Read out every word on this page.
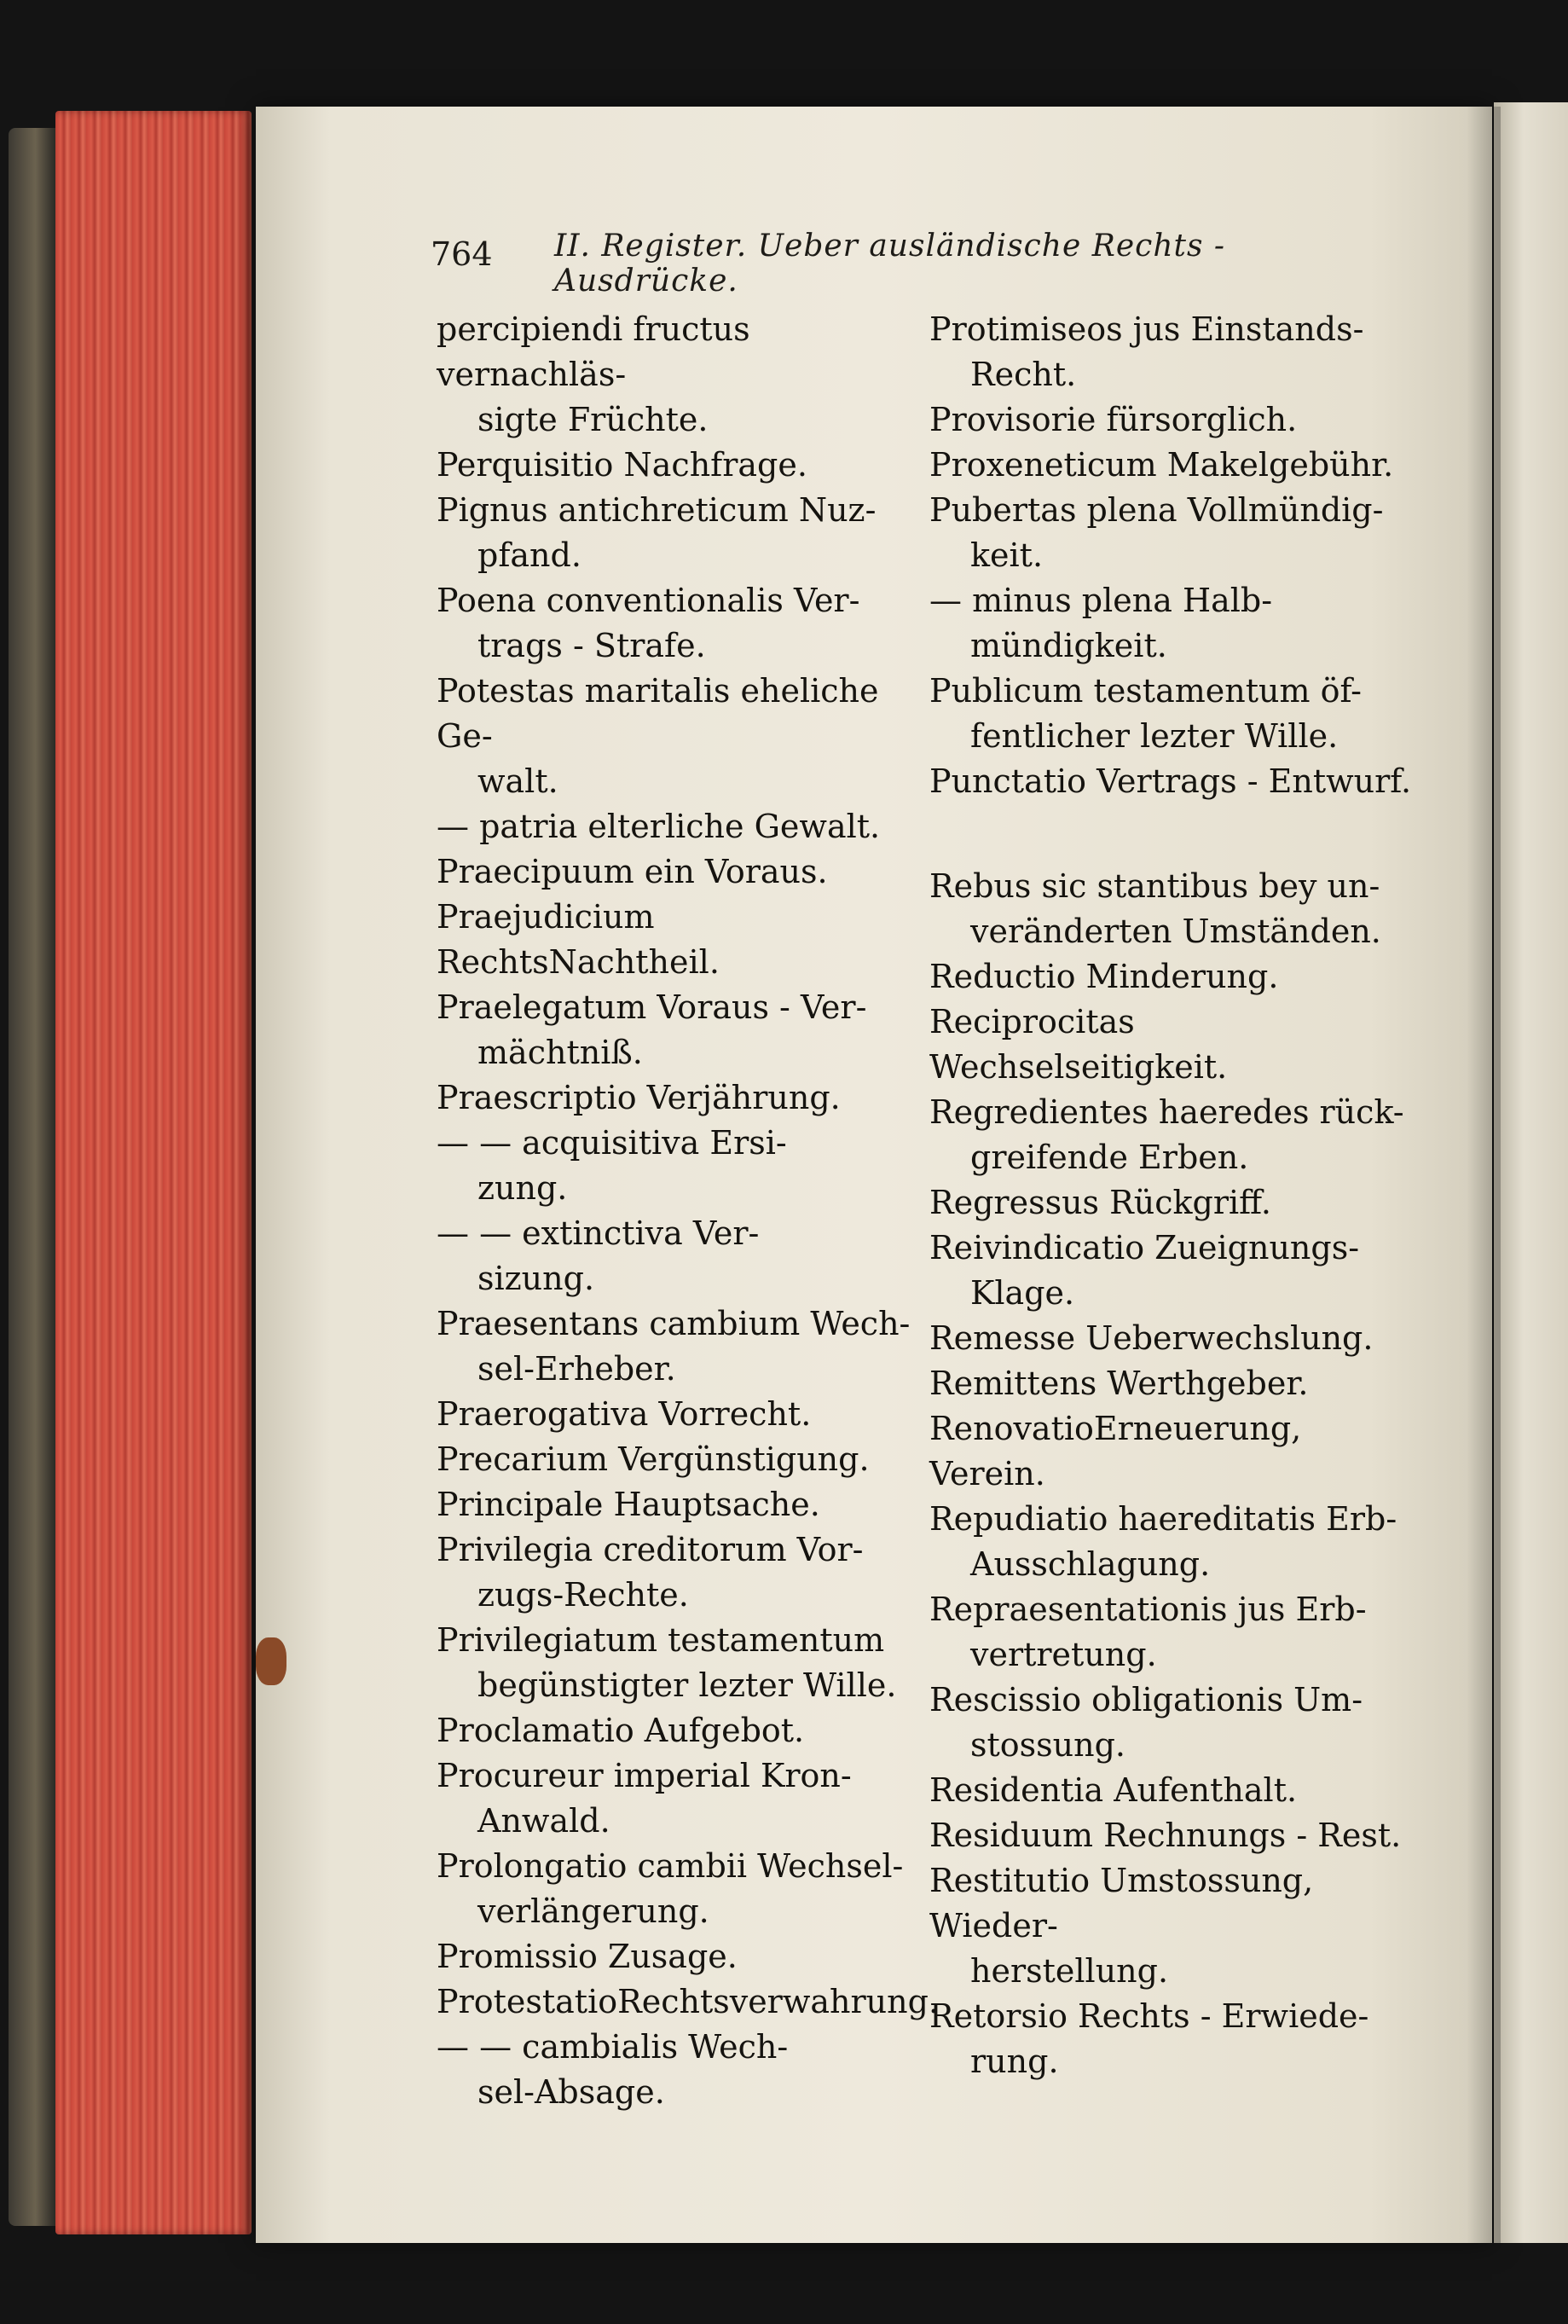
764 II. Register. Ueber ausländische Rechts - Ausdrücke.
percipiendi fructus vernachläs-
sigte Früchte.
Perquisitio Nachfrage.
Pignus antichreticum Nuz-
pfand.
Poena conventionalis Ver-
trags - Strafe.
Potestas maritalis eheliche Ge-
walt.
— patria elterliche Gewalt.
Praecipuum ein Voraus.
Praejudicium RechtsNachtheil.
Praelegatum Voraus - Ver-
mächtniß.
Praescriptio Verjährung.
— — acquisitiva Ersi-
zung.
— — extinctiva Ver-
sizung.
Praesentans cambium Wech-
sel-Erheber.
Praerogativa Vorrecht.
Precarium Vergünstigung.
Principale Hauptsache.
Privilegia creditorum Vor-
zugs-Rechte.
Privilegiatum testamentum
begünstigter lezter Wille.
Proclamatio Aufgebot.
Procureur imperial Kron-
Anwald.
Prolongatio cambii Wechsel-
verlängerung.
Promissio Zusage.
ProtestatioRechtsverwahrung.
— — cambialis Wech-
sel-Absage.
Protimiseos jus Einstands-
Recht.
Provisorie fürsorglich.
Proxeneticum Makelgebühr.
Pubertas plena Vollmündig-
keit.
— minus plena Halb-
mündigkeit.
Publicum testamentum öf-
fentlicher lezter Wille.
Punctatio Vertrags - Entwurf.
Rebus sic stantibus bey un-
veränderten Umständen.
Reductio Minderung.
Reciprocitas Wechselseitigkeit.
Regredientes haeredes rück-
greifende Erben.
Regressus Rückgriff.
Reivindicatio Zueignungs-
Klage.
Remesse Ueberwechslung.
Remittens Werthgeber.
RenovatioErneuerung, Verein.
Repudiatio haereditatis Erb-
Ausschlagung.
Repraesentationis jus Erb-
vertretung.
Rescissio obligationis Um-
stossung.
Residentia Aufenthalt.
Residuum Rechnungs - Rest.
Restitutio Umstossung, Wieder-
herstellung.
Retorsio Rechts - Erwiede-
rung.
